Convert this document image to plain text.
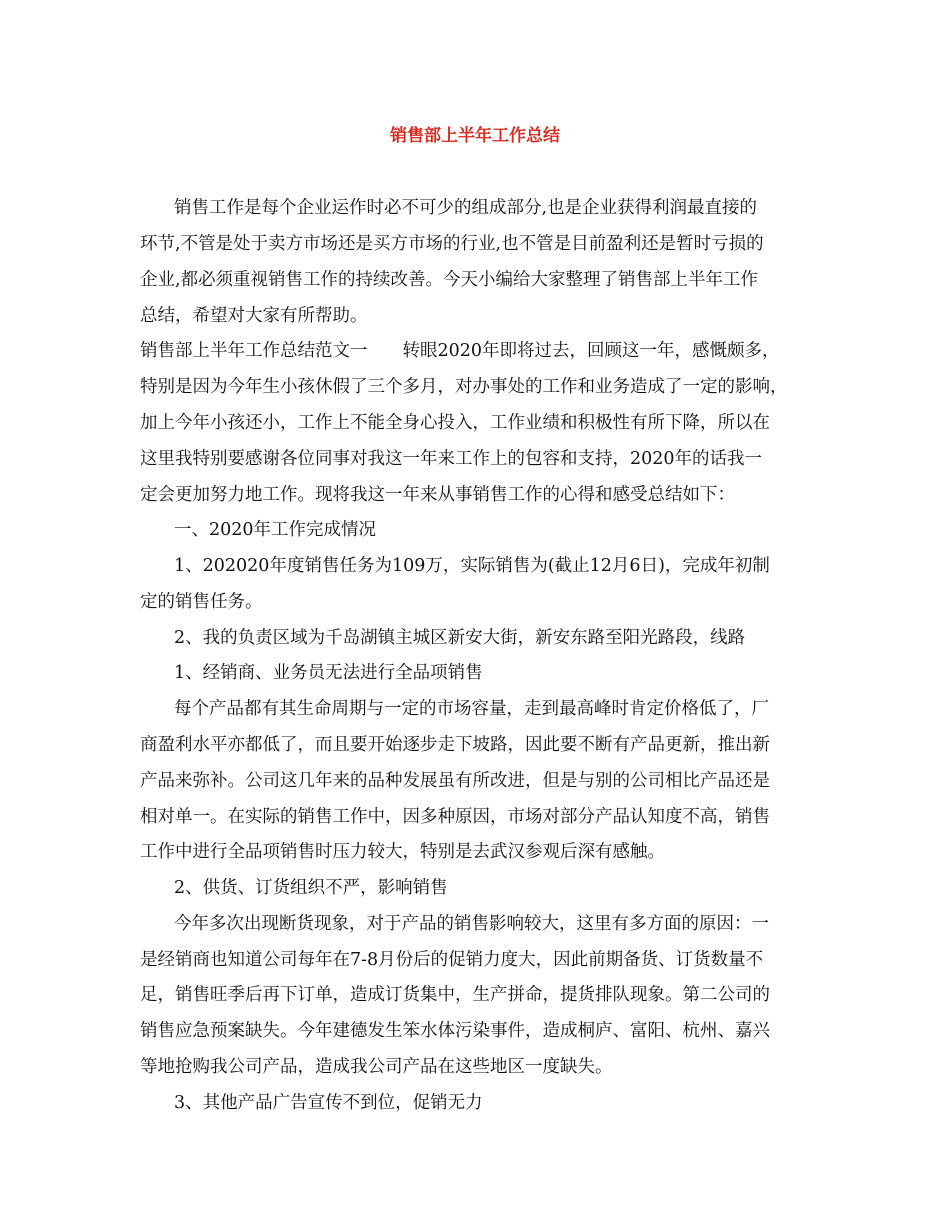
销售部上半年工作总结

销售工作是每个企业运作时必不可少的组成部分,也是企业获得利润最直接的

环节,不管是处于卖方市场还是买方市场的行业,也不管是目前盈利还是暂时亏损的

企业,都必须重视销售工作的持续改善。今天小编给大家整理了销售部上半年工作

总结，希望对大家有所帮助。

销售部上半年工作总结范文一　　转眼2020年即将过去，回顾这一年，感慨颇多，

特别是因为今年生小孩休假了三个多月，对办事处的工作和业务造成了一定的影响，

加上今年小孩还小，工作上不能全身心投入，工作业绩和积极性有所下降，所以在

这里我特别要感谢各位同事对我这一年来工作上的包容和支持，2020年的话我一

定会更加努力地工作。现将我这一年来从事销售工作的心得和感受总结如下：

一、2020年工作完成情况

1、202020年度销售任务为109万，实际销售为(截止12月6日)，完成年初制

定的销售任务。

2、我的负责区域为千岛湖镇主城区新安大街，新安东路至阳光路段，线路

1、经销商、业务员无法进行全品项销售

每个产品都有其生命周期与一定的市场容量，走到最高峰时肯定价格低了，厂

商盈利水平亦都低了，而且要开始逐步走下坡路，因此要不断有产品更新，推出新

产品来弥补。公司这几年来的品种发展虽有所改进，但是与别的公司相比产品还是

相对单一。在实际的销售工作中，因多种原因，市场对部分产品认知度不高，销售

工作中进行全品项销售时压力较大，特别是去武汉参观后深有感触。

2、供货、订货组织不严，影响销售

今年多次出现断货现象，对于产品的销售影响较大，这里有多方面的原因：一

是经销商也知道公司每年在7-8月份后的促销力度大，因此前期备货、订货数量不

足，销售旺季后再下订单，造成订货集中，生产拼命，提货排队现象。第二公司的

销售应急预案缺失。今年建德发生笨水体污染事件，造成桐庐、富阳、杭州、嘉兴

等地抢购我公司产品，造成我公司产品在这些地区一度缺失。

3、其他产品广告宣传不到位，促销无力
